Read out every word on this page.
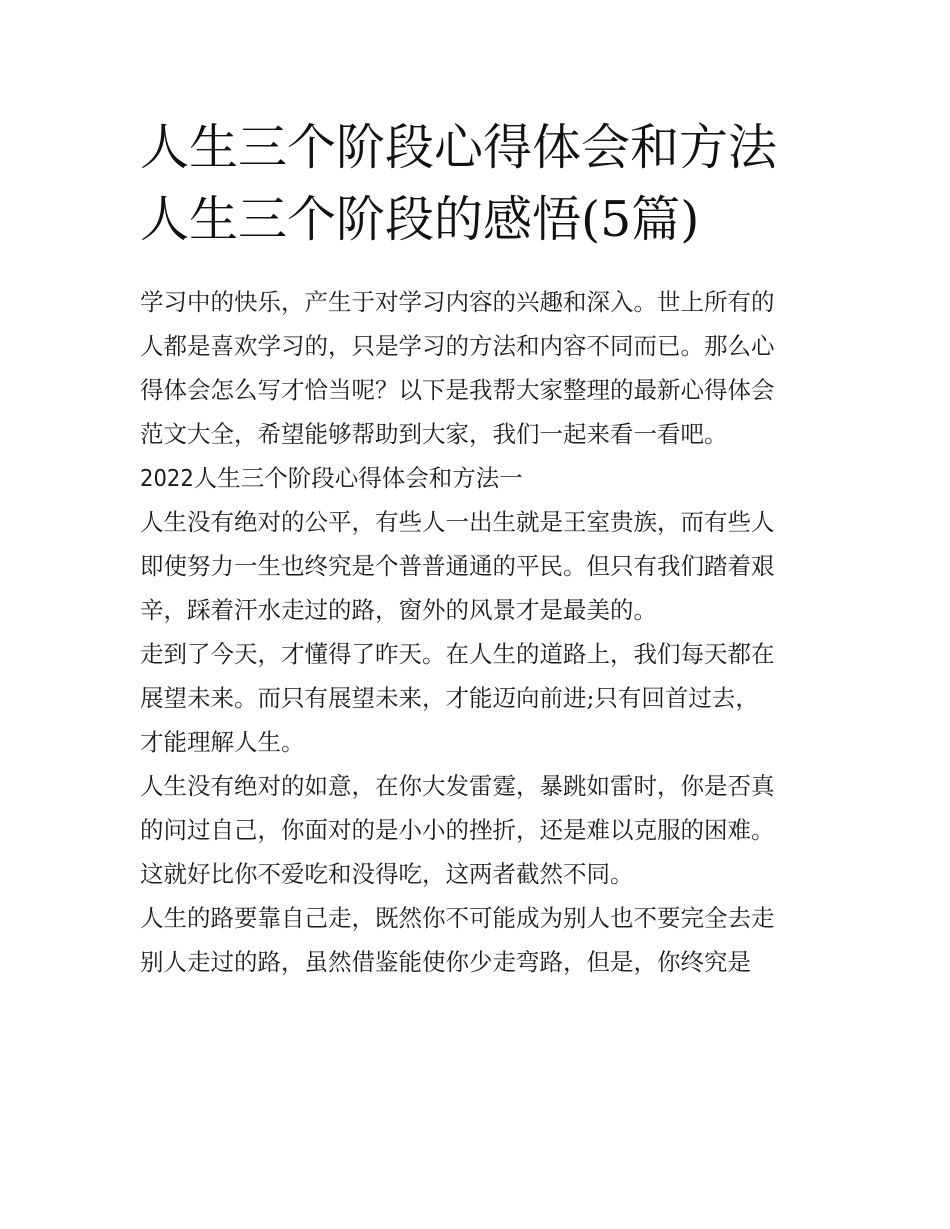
人生三个阶段心得体会和方法
人生三个阶段的感悟(5篇)
学习中的快乐，产生于对学习内容的兴趣和深入。世上所有的
人都是喜欢学习的，只是学习的方法和内容不同而已。那么心
得体会怎么写才恰当呢？以下是我帮大家整理的最新心得体会
范文大全，希望能够帮助到大家，我们一起来看一看吧。
2022人生三个阶段心得体会和方法一
人生没有绝对的公平，有些人一出生就是王室贵族，而有些人
即使努力一生也终究是个普普通通的平民。但只有我们踏着艰
辛，踩着汗水走过的路，窗外的风景才是最美的。
走到了今天，才懂得了昨天。在人生的道路上，我们每天都在
展望未来。而只有展望未来，才能迈向前进;只有回首过去，
才能理解人生。
人生没有绝对的如意，在你大发雷霆，暴跳如雷时，你是否真
的问过自己，你面对的是小小的挫折，还是难以克服的困难。
这就好比你不爱吃和没得吃，这两者截然不同。
人生的路要靠自己走，既然你不可能成为别人也不要完全去走
别人走过的路，虽然借鉴能使你少走弯路，但是，你终究是
